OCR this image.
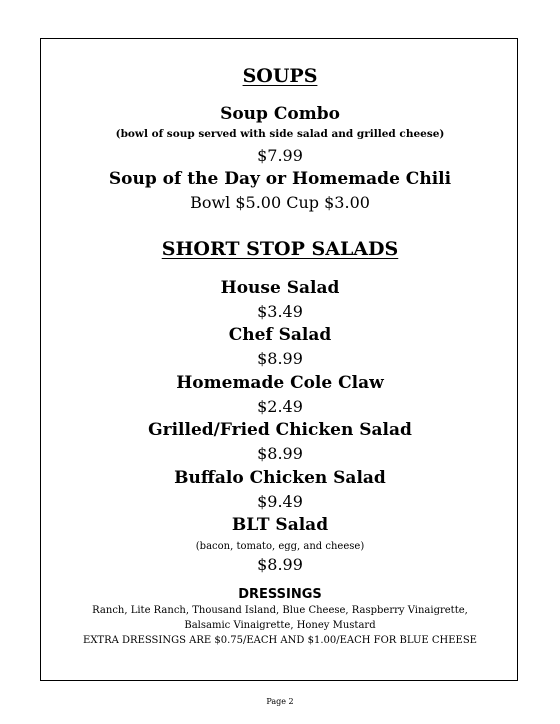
SOUPS
Soup Combo
(bowl of soup served with side salad and grilled cheese)
$7.99
Soup of the Day or Homemade Chili
Bowl $5.00 Cup $3.00
SHORT STOP SALADS
House Salad
$3.49
Chef Salad
$8.99
Homemade Cole Claw
$2.49
Grilled/Fried Chicken Salad
$8.99
Buffalo Chicken Salad
$9.49
BLT Salad
(bacon, tomato, egg, and cheese)
$8.99
DRESSINGS
Ranch, Lite Ranch, Thousand Island, Blue Cheese, Raspberry Vinaigrette,
Balsamic Vinaigrette, Honey Mustard
EXTRA DRESSINGS ARE $0.75/EACH AND $1.00/EACH FOR BLUE CHEESE
Page 2
